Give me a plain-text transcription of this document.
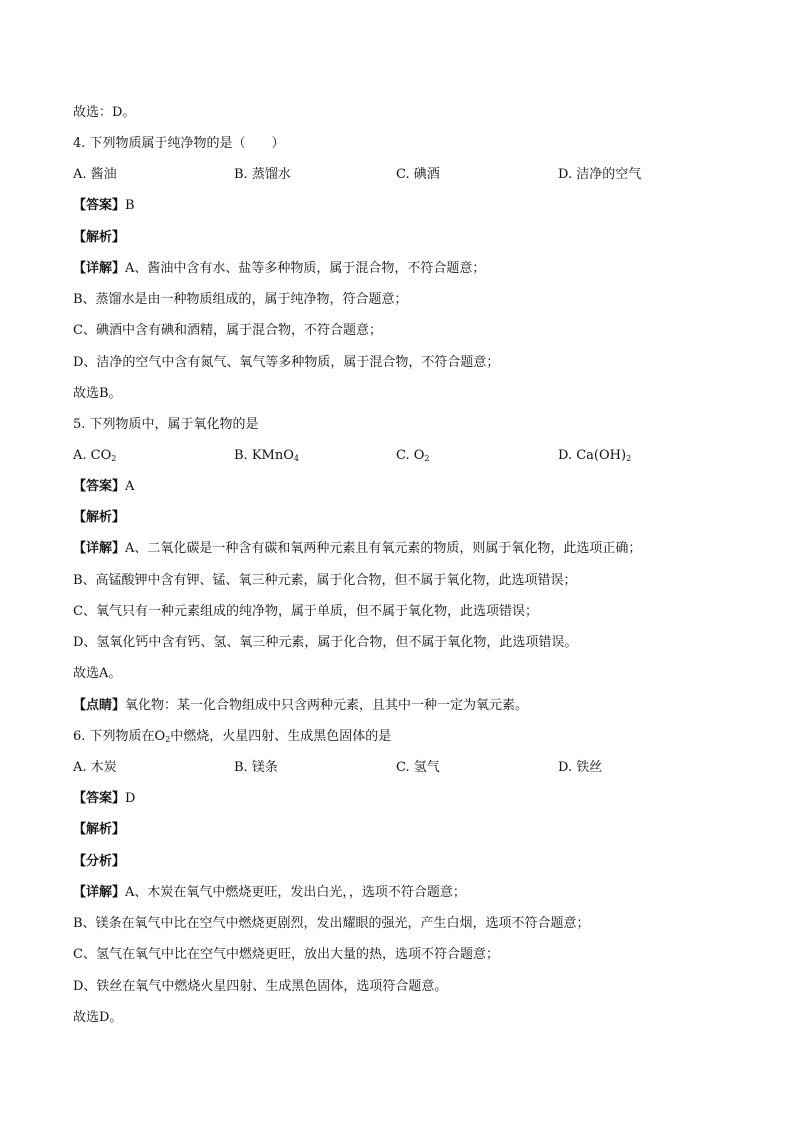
故选：D。
4. 下列物质属于纯净物的是（　　）
A. 酱油	B. 蒸馏水	C. 碘酒	D. 洁净的空气
【答案】B
【解析】
【详解】A、酱油中含有水、盐等多种物质，属于混合物，不符合题意；
B、蒸馏水是由一种物质组成的，属于纯净物，符合题意；
C、碘酒中含有碘和酒精，属于混合物，不符合题意；
D、洁净的空气中含有氮气、氧气等多种物质，属于混合物，不符合题意；
故选B。
5. 下列物质中，属于氧化物的是
A. $CO_2$	B. KMnO$_4$	C. $O_2$	D. $Ca(OH)_2$
【答案】A
【解析】
【详解】A、二氧化碳是一种含有碳和氧两种元素且有氧元素的物质，则属于氧化物，此选项正确；
B、高锰酸钾中含有钾、锰、氧三种元素，属于化合物，但不属于氧化物，此选项错误；
C、氧气只有一种元素组成的纯净物，属于单质，但不属于氧化物，此选项错误；
D、氢氧化钙中含有钙、氢、氧三种元素，属于化合物，但不属于氧化物，此选项错误。
故选A。
【点睛】氧化物：某一化合物组成中只含两种元素，且其中一种一定为氧元素。
6. 下列物质在$O_2$中燃烧，火星四射、生成黑色固体的是
A. 木炭	B. 镁条	C. 氢气	D. 铁丝
【答案】D
【解析】
【分析】
【详解】A、木炭在氧气中燃烧更旺，发出白光，，选项不符合题意；
B、镁条在氧气中比在空气中燃烧更剧烈，发出耀眼的强光，产生白烟，选项不符合题意；
C、氢气在氧气中比在空气中燃烧更旺，放出大量的热，选项不符合题意；
D、铁丝在氧气中燃烧火星四射、生成黑色固体，选项符合题意。
故选D。
